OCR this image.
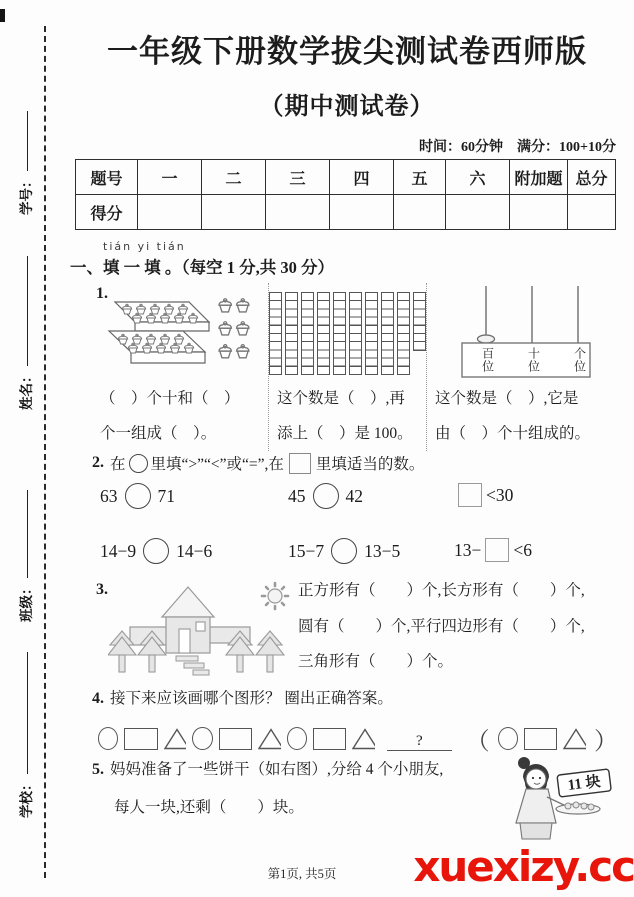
学号：
姓名：
班级：
学校：
一年级下册数学拔尖测试卷西师版
（期中测试卷）
时间：60分钟　满分：100+10分
题号	一	二	三	四	五	六	附加题	总分
得分								
tián yi tián
一、填 一 填 。（每空 1 分,共 30 分）
1.
（　）个十和（　）
个一组成（　）。
这个数是（　）,再
添上（　）是 100。
百位	十位	个位
这个数是（　）,它是
由（　）个十组成的。
2. 在 里填“>”“<”或“=”,在 里填适当的数。
63 71	45 42	<30
14−9 14−6	15−7 13−5	13− <6
3.	正方形有（　　）个,长方形有（　　）个,
圆有（　　）个,平行四边形有（　　）个,
三角形有（　　）个。
4. 接下来应该画哪个图形？ 圈出正确答案。
? （	）
5. 妈妈准备了一些饼干（如右图）,分给 4 个小朋友,
每人一块,还剩（　　）块。
11 块
第1页, 共5页	xuexizy.cc
